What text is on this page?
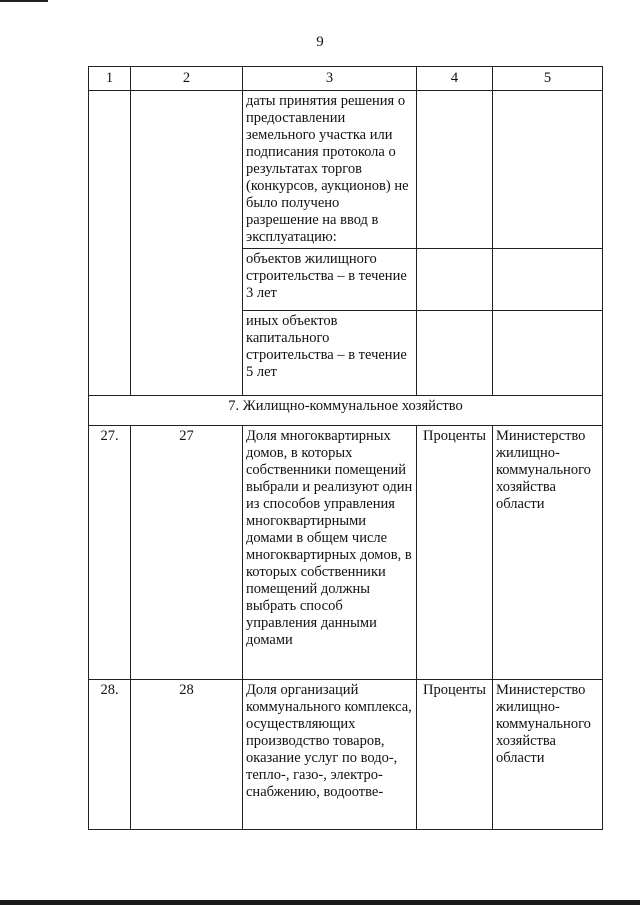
9
1	2	3	4	5
		даты принятия решения о предоставлении земельного участка или подписания протокола о результатах торгов (конкурсов, аукционов) не было получено разрешение на ввод в эксплуатацию:		
		объектов жилищного строительства – в течение 3 лет		
		иных объектов капитального строительства – в течение 5 лет		
7. Жилищно-коммунальное хозяйство				
27.	27	Доля многоквартирных домов, в которых собственники помещений выбрали и реализуют один из способов управления многоквартирными домами в общем числе многоквартирных домов, в которых собственники помещений должны выбрать способ управления данными домами	Проценты	Министерство жилищно-коммунального хозяйства области
28.	28	Доля организаций коммунального комплекса, осуществляющих производство товаров, оказание услуг по водо-, тепло-, газо-, электро-снабжению, водоотве-	Проценты	Министерство жилищно-коммунального хозяйства области
